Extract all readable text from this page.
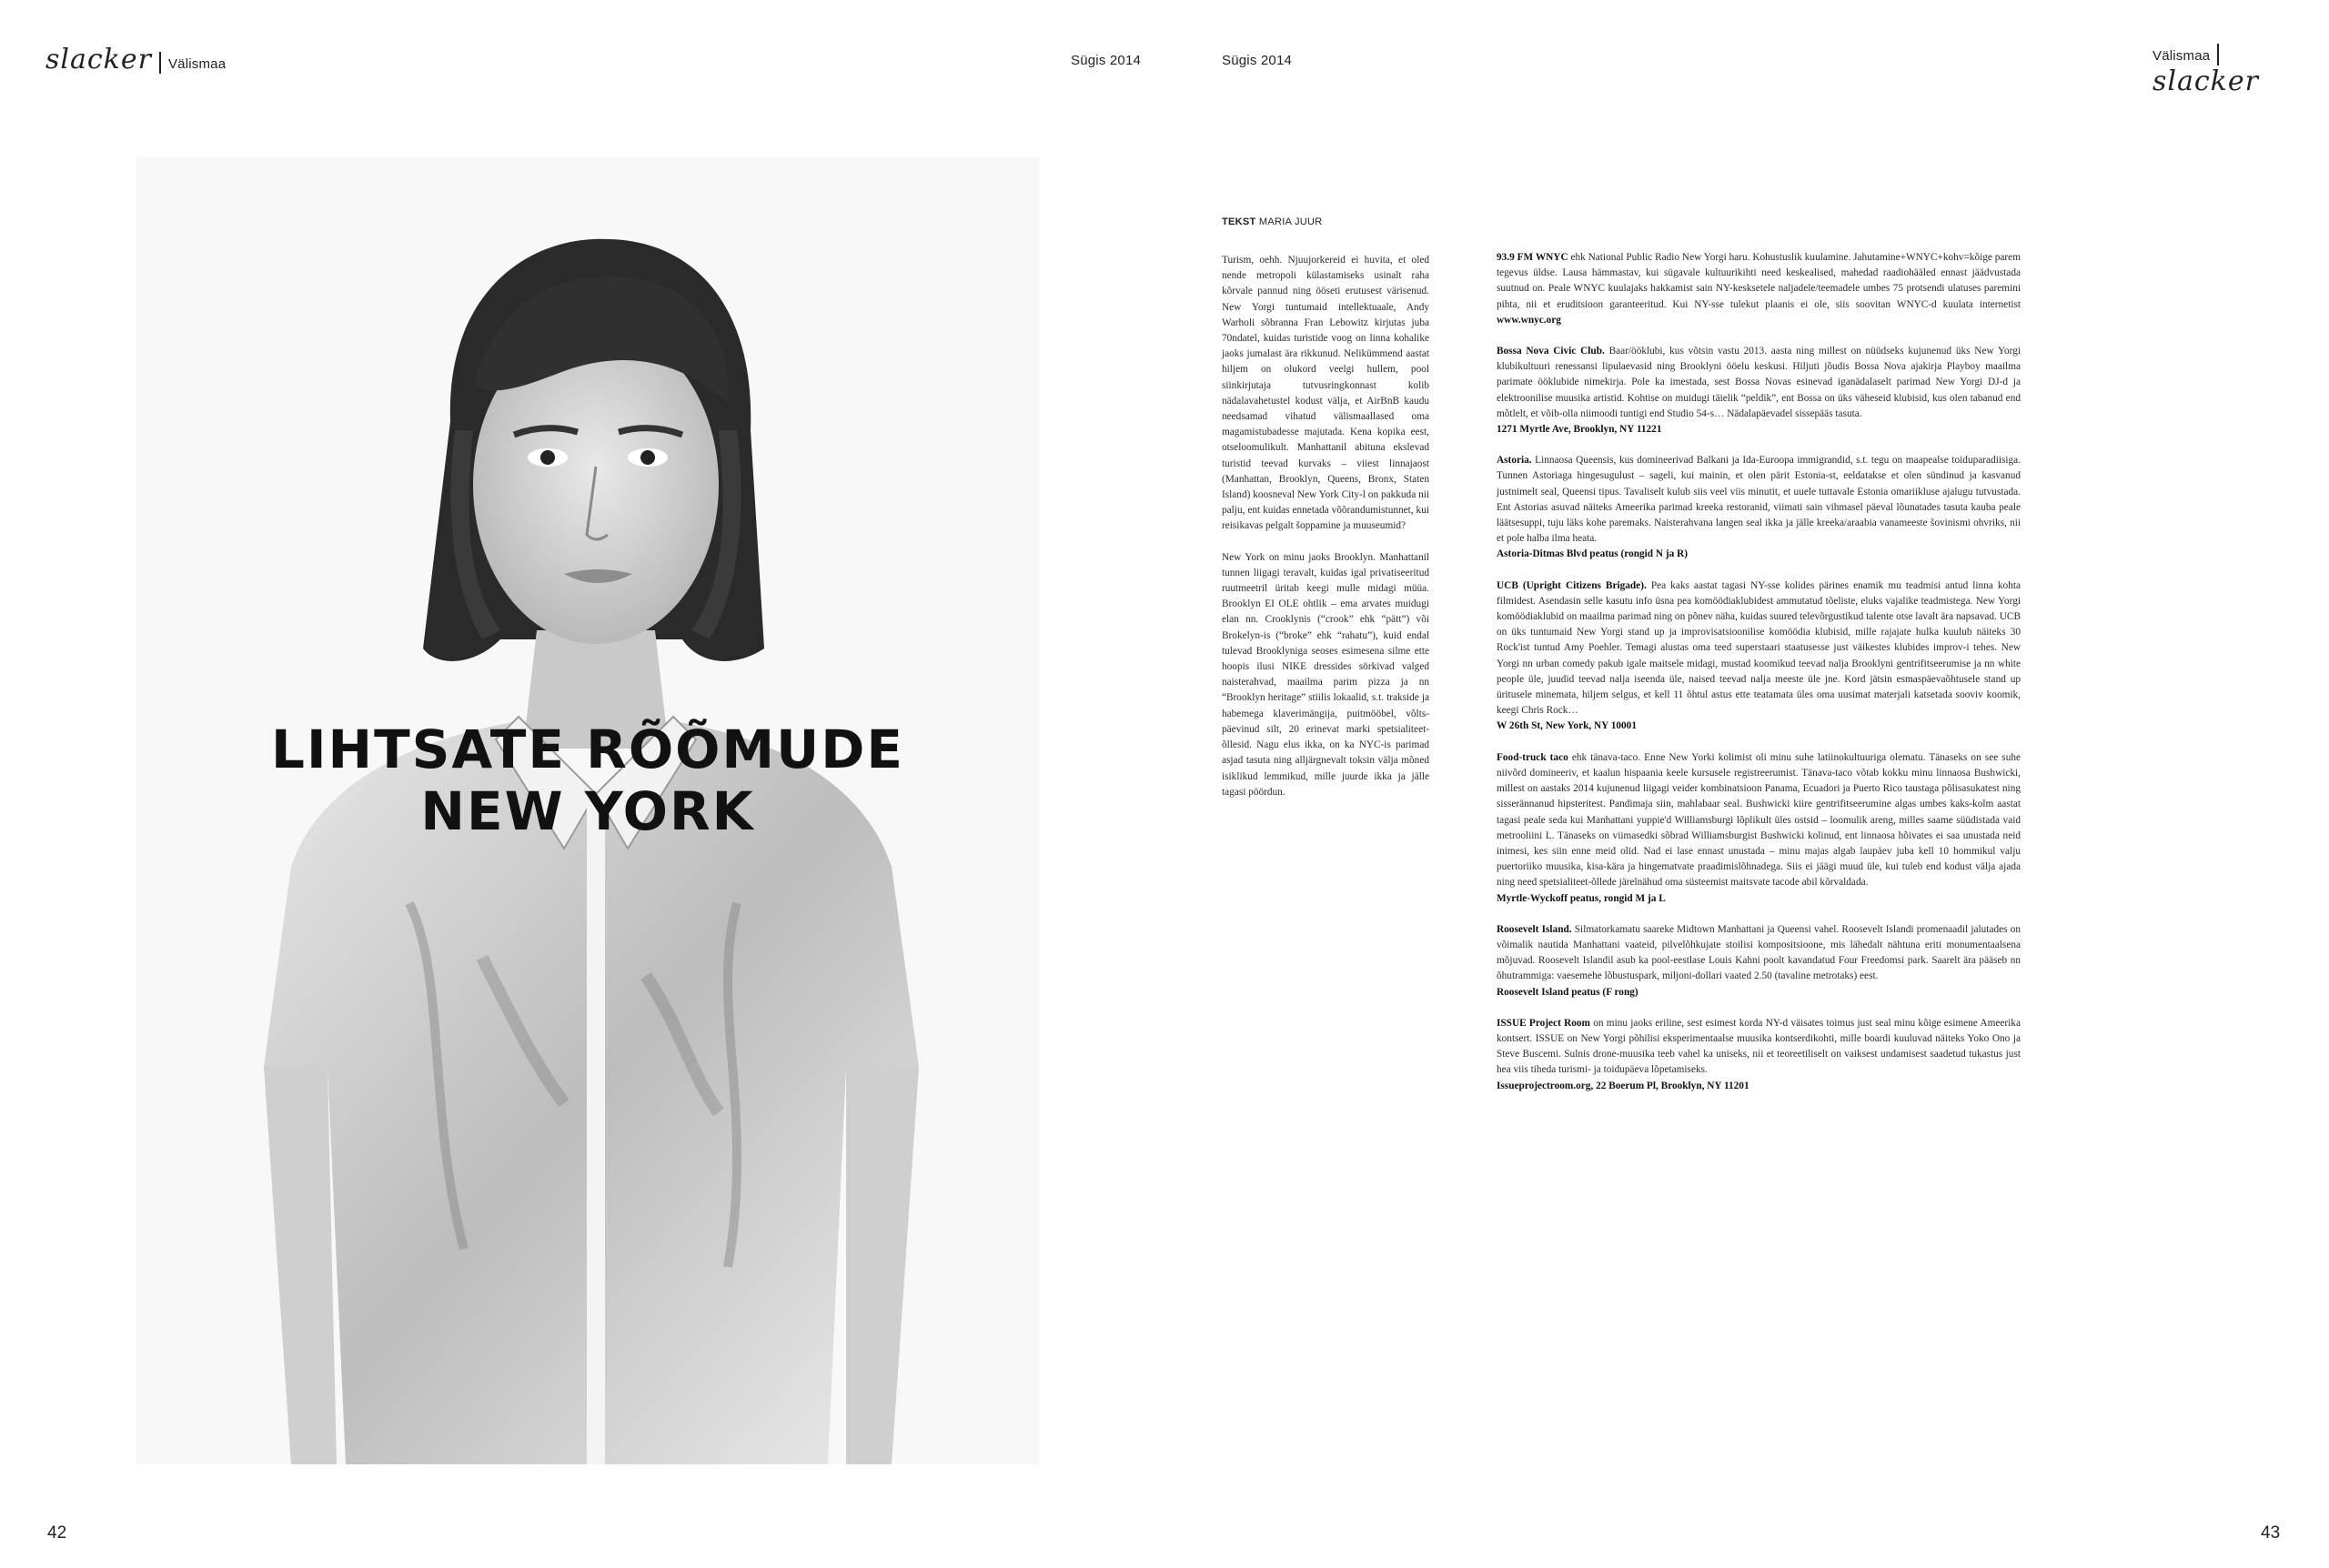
slacker Välismaa	Sügis 2014	Sügis 2014	Välismaaslacker
LIHTSATE RÕÕMUDE
NEW YORK
42	43
TEKST MARIA JUUR

Turism, oehh. Njuujorkereid ei huvita, et oled nende metropoli külastamiseks usinalt raha kõrvale pannud ning ööseti erutusest värisenud. New Yorgi tuntumaid intellektuaale, Andy Warholi sõbranna Fran Lebowitz kirjutas juba 70ndatel, kuidas turistide voog on linna kohalike jaoks jumalast ära rikkunud. Nelikümmend aastat hiljem on olukord veelgi hullem, pool siinkirjutaja tutvusringkonnast kolib nädalavahetustel kodust välja, et AirBnB kaudu needsamad vihatud välismaallased oma magamistubadesse majutada. Kena kopika eest, otseloomulikult. Manhattanil abituna ekslevad turistid teevad kurvaks – viiest linnajaost (Manhattan, Brooklyn, Queens, Bronx, Staten Island) koosneval New York City-l on pakkuda nii palju, ent kuidas ennetada võõrandumistunnet, kui reisikavas pelgalt šoppamine ja muuseumid?

New York on minu jaoks Brooklyn. Manhattanil tunnen liigagi teravalt, kuidas igal privatiseeritud ruutmeetril üritab keegi mulle midagi müüa. Brooklyn EI OLE ohtlik – ema arvates muidugi elan nn. Crooklynis (“crook” ehk “pätt”) või Brokelyn-is (“broke” ehk “rahatu”), kuid endal tulevad Brooklyniga seoses esimesena silme ette hoopis ilusi NIKE dressides sörkivad valged naisterahvad, maailma parim pizza ja nn “Brooklyn heritage” stiilis lokaalid, s.t. trakside ja habemega klaverimängija, puitmööbel, võlts-päevinud silt, 20 erinevat marki spetsialiteet-õllesid. Nagu elus ikka, on ka NYC-is parimad asjad tasuta ning alljärgnevalt toksin välja mõned isiklikud lemmikud, mille juurde ikka ja jälle tagasi pöördun.

93.9 FM WNYC ehk National Public Radio New Yorgi haru. Kohustuslik kuulamine. Jahutamine+WNYC+kohv=kõige parem tegevus üldse. Lausa hämmastav, kui sügavale kultuurikihti need keskealised, mahedad raadiohääled ennast jäädvustada suutnud on. Peale WNYC kuulajaks hakkamist sain NY-kesksetele naljadele/teemadele umbes 75 protsendi ulatuses paremini pihta, nii et eruditsioon garanteeritud. Kui NY-sse tulekut plaanis ei ole, siis soovitan WNYC-d kuulata internetist www.wnyc.org
Bossa Nova Civic Club. Baar/ööklubi, kus võtsin vastu 2013. aasta ning millest on nüüdseks kujunenud üks New Yorgi klubikultuuri renessansi lipulaevasid ning Brooklyni ööelu keskusi. Hiljuti jõudis Bossa Nova ajakirja Playboy maailma parimate ööklubide nimekirja. Pole ka imestada, sest Bossa Novas esinevad iganädalaselt parimad New Yorgi DJ-d ja elektroonilise muusika artistid. Kohtise on muidugi täielik “peldik”, ent Bossa on üks väheseid klubisid, kus olen tabanud end mõtlelt, et võib-olla niimoodi tuntigi end Studio 54-s… Nädalapäevadel sissepääs tasuta.
1271 Myrtle Ave, Brooklyn, NY 11221
Astoria. Linnaosa Queensis, kus domineerivad Balkani ja Ida-Euroopa immigrandid, s.t. tegu on maapealse toiduparadiisiga. Tunnen Astoriaga hingesugulust – sageli, kui mainin, et olen pärit Estonia-st, eeldatakse et olen sündinud ja kasvanud justnimelt seal, Queensi tipus. Tavaliselt kulub siis veel viis minutit, et uuele tuttavale Estonia omariikluse ajalugu tutvustada. Ent Astorias asuvad näiteks Ameerika parimad kreeka restoranid, viimati sain vihmasel päeval lõunatades tasuta kauba peale läätsesuppi, tuju läks kohe paremaks. Naisterahvana langen seal ikka ja jälle kreeka/araabia vanameeste šovinismi ohvriks, nii et pole halba ilma heata.
Astoria-Ditmas Blvd peatus (rongid N ja R)
UCB (Upright Citizens Brigade). Pea kaks aastat tagasi NY-sse kolides pärines enamik mu teadmisi antud linna kohta filmidest. Asendasin selle kasutu info üsna pea komöödiaklubidest ammutatud tõeliste, eluks vajalike teadmistega. New Yorgi komöödiaklubid on maailma parimad ning on põnev näha, kuidas suured televõrgustikud talente otse lavalt ära napsavad. UCB on üks tuntumaid New Yorgi stand up ja improvisatsioonilise komöödia klubisid, mille rajajate hulka kuulub näiteks 30 Rock'ist tuntud Amy Poehler. Temagi alustas oma teed superstaari staatusesse just väikestes klubides improv-i tehes. New Yorgi nn urban comedy pakub igale maitsele midagi, mustad koomikud teevad nalja Brooklyni gentrifitseerumise ja nn white people üle, juudid teevad nalja iseenda üle, naised teevad nalja meeste üle jne. Kord jätsin esmaspäevaõhtusele stand up üritusele minemata, hiljem selgus, et kell 11 õhtul astus ette teatamata üles oma uusimat materjali katsetada sooviv koomik, keegi Chris Rock…
W 26th St, New York, NY 10001
Food-truck taco ehk tänava-taco. Enne New Yorki kolimist oli minu suhe latiinokultuuriga olematu. Tänaseks on see suhe niivõrd domineeriv, et kaalun hispaania keele kursusele registreerumist. Tänava-taco võtab kokku minu linnaosa Bushwicki, millest on aastaks 2014 kujunenud liigagi veider kombinatsioon Panama, Ecuadori ja Puerto Rico taustaga põlisasukatest ning sisserännanud hipsteritest. Pandimaja siin, mahlabaar seal. Bushwicki kiire gentrifitseerumine algas umbes kaks-kolm aastat tagasi peale seda kui Manhattani yuppie'd Williamsburgi lõplikult üles ostsid – loomulik areng, milles saame süüdistada vaid metrooliini L. Tänaseks on viimasedki sõbrad Williamsburgist Bushwicki kolinud, ent linnaosa hõivates ei saa unustada neid inimesi, kes siin enne meid olid. Nad ei lase ennast unustada – minu majas algab laupäev juba kell 10 hommikul valju puertoriiko muusika, kisa-kära ja hingematvate praadimislõhnadega. Siis ei jäägi muud üle, kui tuleb end kodust välja ajada ning need spetsialiteet-õllede järelnähud oma süsteemist maitsvate tacode abil kõrvaldada.
Myrtle-Wyckoff peatus, rongid M ja L
Roosevelt Island. Silmatorkamatu saareke Midtown Manhattani ja Queensi vahel. Roosevelt Islandi promenaadil jalutades on võimalik nautida Manhattani vaateid, pilvelõhkujate stoilisi kompositsioone, mis lähedalt nähtuna eriti monumentaalsena mõjuvad. Roosevelt Islandil asub ka pool-eestlase Louis Kahni poolt kavandatud Four Freedomsi park. Saarelt ära pääseb nn õhutrammiga: vaesemehe lõbustuspark, miljoni-dollari vaated 2.50 (tavaline metrotaks) eest.
Roosevelt Island peatus (F rong)
ISSUE Project Room on minu jaoks eriline, sest esimest korda NY-d väisates toimus just seal minu kõige esimene Ameerika kontsert. ISSUE on New Yorgi põhilisi eksperimentaalse muusika kontserdikohti, mille boardi kuuluvad näiteks Yoko Ono ja Steve Buscemi. Sulnis drone-muusika teeb vahel ka uniseks, nii et teoreetiliselt on vaiksest undamisest saadetud tukastus just hea viis tiheda turismi- ja toidupäeva lõpetamiseks.
Issueprojectroom.org, 22 Boerum Pl, Brooklyn, NY 11201
